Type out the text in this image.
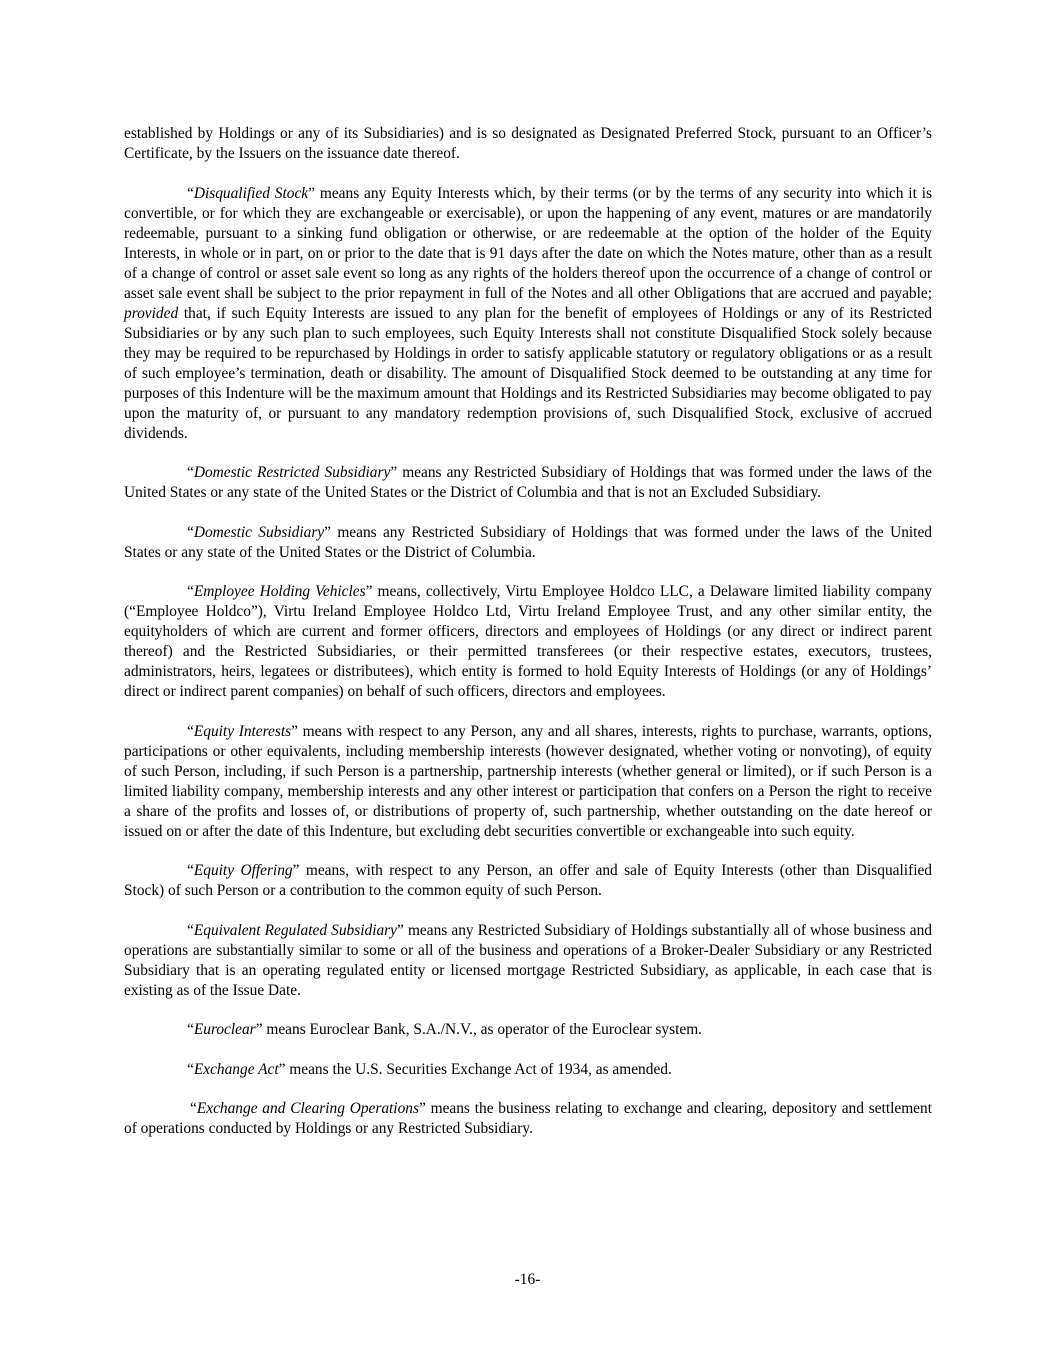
established by Holdings or any of its Subsidiaries) and is so designated as Designated Preferred Stock, pursuant to an Officer’s Certificate, by the Issuers on the issuance date thereof.

“Disqualified Stock” means any Equity Interests which, by their terms (or by the terms of any security into which it is convertible, or for which they are exchangeable or exercisable), or upon the happening of any event, matures or are mandatorily redeemable, pursuant to a sinking fund obligation or otherwise, or are redeemable at the option of the holder of the Equity Interests, in whole or in part, on or prior to the date that is 91 days after the date on which the Notes mature, other than as a result of a change of control or asset sale event so long as any rights of the holders thereof upon the occurrence of a change of control or asset sale event shall be subject to the prior repayment in full of the Notes and all other Obligations that are accrued and payable; provided that, if such Equity Interests are issued to any plan for the benefit of employees of Holdings or any of its Restricted Subsidiaries or by any such plan to such employees, such Equity Interests shall not constitute Disqualified Stock solely because they may be required to be repurchased by Holdings in order to satisfy applicable statutory or regulatory obligations or as a result of such employee’s termination, death or disability. The amount of Disqualified Stock deemed to be outstanding at any time for purposes of this Indenture will be the maximum amount that Holdings and its Restricted Subsidiaries may become obligated to pay upon the maturity of, or pursuant to any mandatory redemption provisions of, such Disqualified Stock, exclusive of accrued dividends.

“Domestic Restricted Subsidiary” means any Restricted Subsidiary of Holdings that was formed under the laws of the United States or any state of the United States or the District of Columbia and that is not an Excluded Subsidiary.

“Domestic Subsidiary” means any Restricted Subsidiary of Holdings that was formed under the laws of the United States or any state of the United States or the District of Columbia.

“Employee Holding Vehicles” means, collectively, Virtu Employee Holdco LLC, a Delaware limited liability company (“Employee Holdco”), Virtu Ireland Employee Holdco Ltd, Virtu Ireland Employee Trust, and any other similar entity, the equityholders of which are current and former officers, directors and employees of Holdings (or any direct or indirect parent thereof) and the Restricted Subsidiaries, or their permitted transferees (or their respective estates, executors, trustees, administrators, heirs, legatees or distributees), which entity is formed to hold Equity Interests of Holdings (or any of Holdings’ direct or indirect parent companies) on behalf of such officers, directors and employees.

“Equity Interests” means with respect to any Person, any and all shares, interests, rights to purchase, warrants, options, participations or other equivalents, including membership interests (however designated, whether voting or nonvoting), of equity of such Person, including, if such Person is a partnership, partnership interests (whether general or limited), or if such Person is a limited liability company, membership interests and any other interest or participation that confers on a Person the right to receive a share of the profits and losses of, or distributions of property of, such partnership, whether outstanding on the date hereof or issued on or after the date of this Indenture, but excluding debt securities convertible or exchangeable into such equity.

“Equity Offering” means, with respect to any Person, an offer and sale of Equity Interests (other than Disqualified Stock) of such Person or a contribution to the common equity of such Person.

“Equivalent Regulated Subsidiary” means any Restricted Subsidiary of Holdings substantially all of whose business and operations are substantially similar to some or all of the business and operations of a Broker-Dealer Subsidiary or any Restricted Subsidiary that is an operating regulated entity or licensed mortgage Restricted Subsidiary, as applicable, in each case that is existing as of the Issue Date.

“Euroclear” means Euroclear Bank, S.A./N.V., as operator of the Euroclear system.

“Exchange Act” means the U.S. Securities Exchange Act of 1934, as amended.

“Exchange and Clearing Operations” means the business relating to exchange and clearing, depository and settlement of operations conducted by Holdings or any Restricted Subsidiary.

-16-
